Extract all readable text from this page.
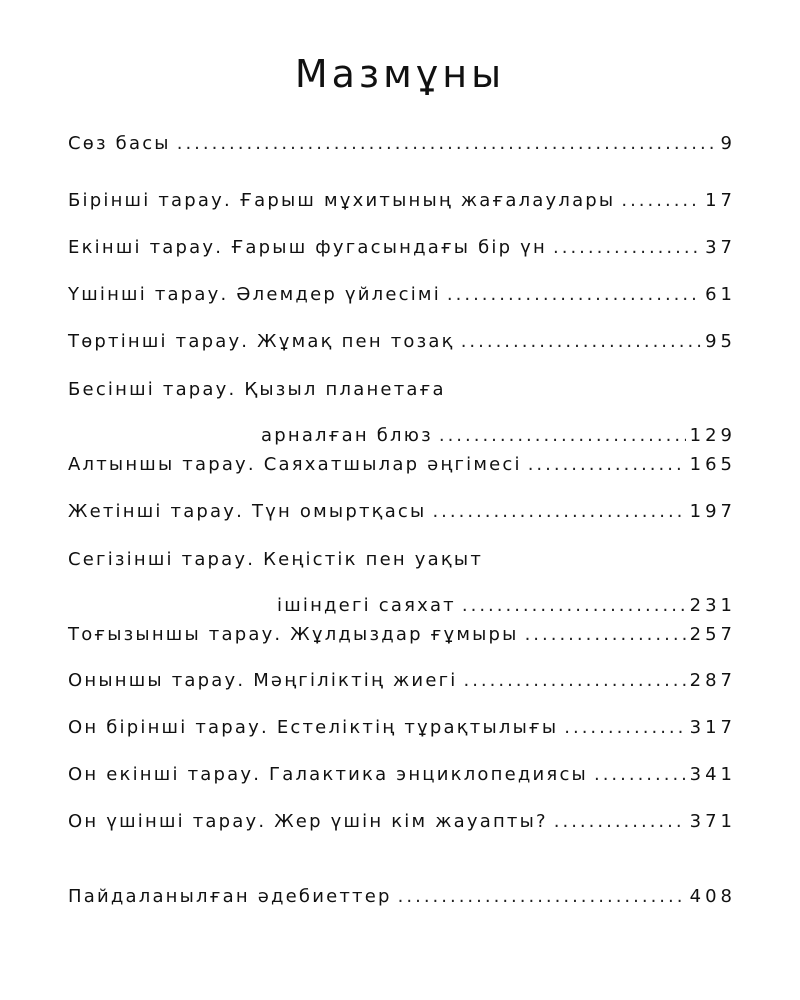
Мазмұны
Сөз басы .....	9
Бірінші тарау. Ғарыш мұхитының жағалаулары .....	17
Екінші тарау. Ғарыш фугасындағы бір үн .....	37
Үшінші тарау. Әлемдер үйлесімі .....	61
Төртінші тарау. Жұмақ пен тозақ .....	95
Бесінші тарау. Қызыл планетаға
арналған блюз .....	129
Алтыншы тарау. Саяхатшылар әңгімесі .....	165
Жетінші тарау. Түн омыртқасы .....	197
Сегізінші тарау. Кеңістік пен уақыт
ішіндегі саяхат .....	231
Тоғызыншы тарау. Жұлдыздар ғұмыры .....	257
Оныншы тарау. Мәңгіліктің жиегі .....	287
Он бірінші тарау. Естеліктің тұрақтылығы .....	317
Он екінші тарау. Галактика энциклопедиясы .....	341
Он үшінші тарау. Жер үшін кім жауапты? .....	371
Пайдаланылған әдебиеттер .....	408
